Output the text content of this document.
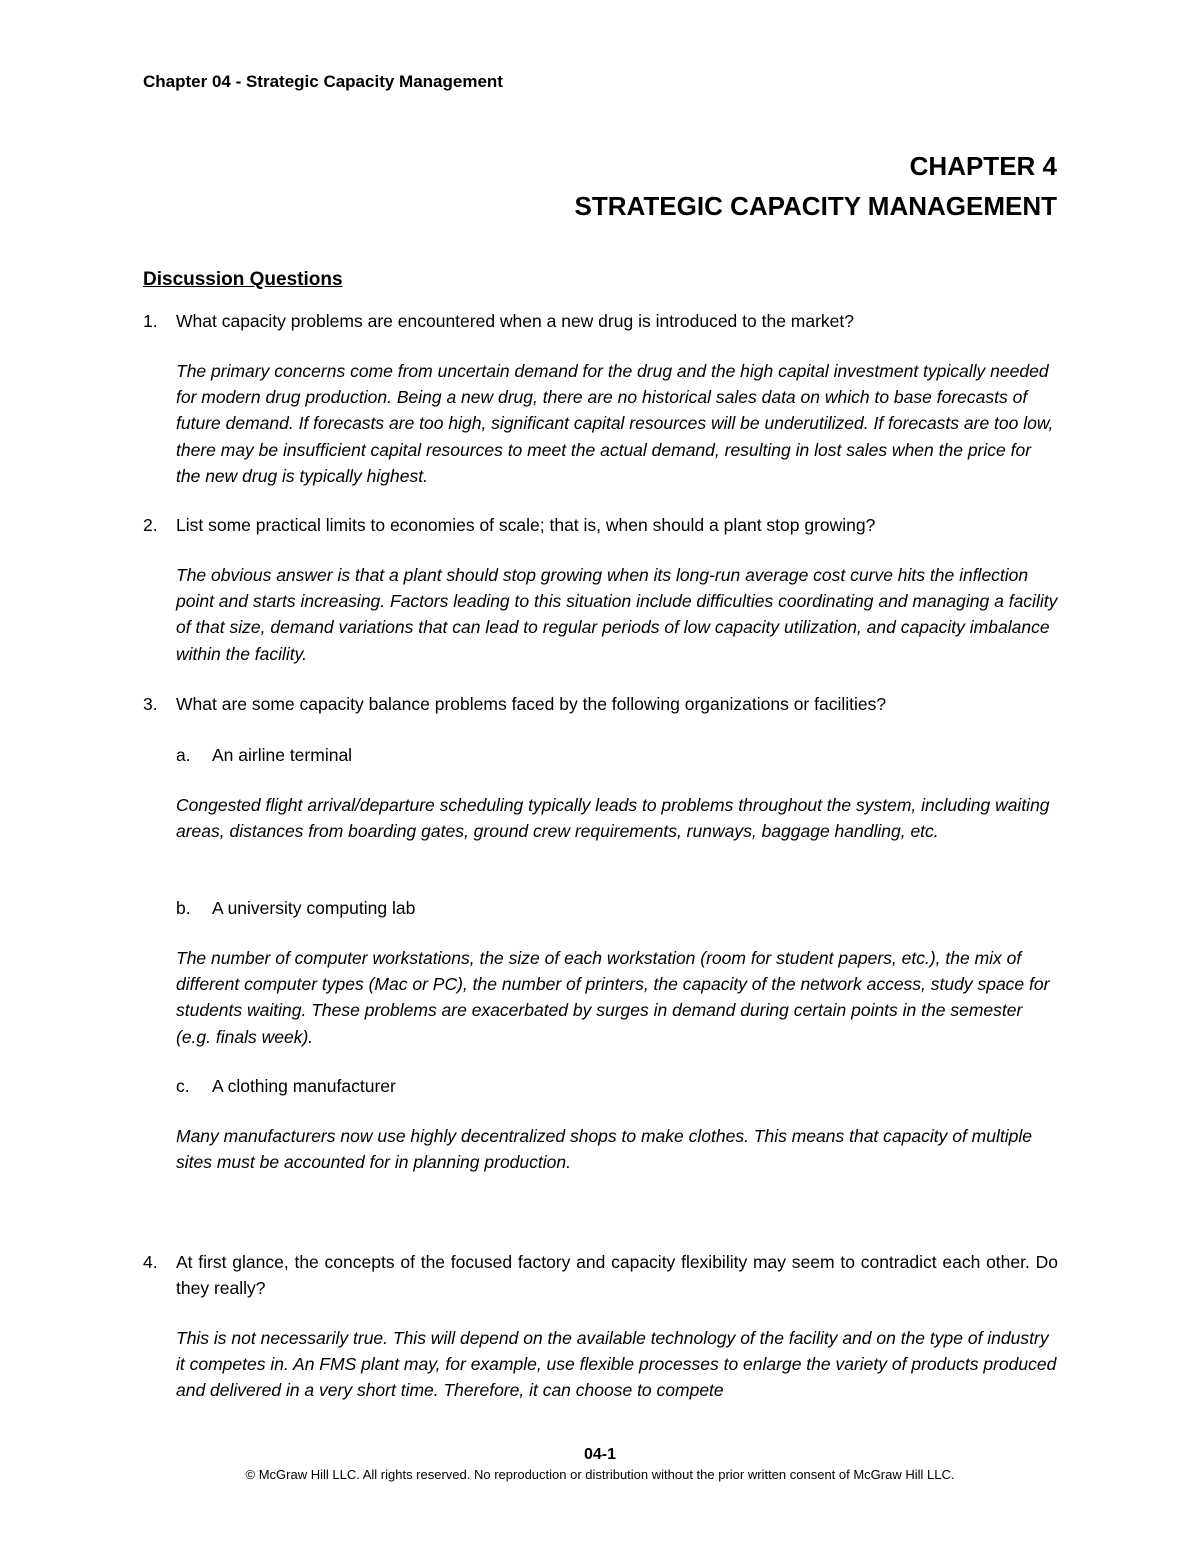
Chapter 04 - Strategic Capacity Management
CHAPTER 4
STRATEGIC CAPACITY MANAGEMENT
Discussion Questions
1.	What capacity problems are encountered when a new drug is introduced to the market?
The primary concerns come from uncertain demand for the drug and the high capital investment typically needed for modern drug production. Being a new drug, there are no historical sales data on which to base forecasts of future demand. If forecasts are too high, significant capital resources will be underutilized. If forecasts are too low, there may be insufficient capital resources to meet the actual demand, resulting in lost sales when the price for the new drug is typically highest.
2.	List some practical limits to economies of scale; that is, when should a plant stop growing?
The obvious answer is that a plant should stop growing when its long-run average cost curve hits the inflection point and starts increasing. Factors leading to this situation include difficulties coordinating and managing a facility of that size, demand variations that can lead to regular periods of low capacity utilization, and capacity imbalance within the facility.
3.	What are some capacity balance problems faced by the following organizations or facilities?
a. An airline terminal
Congested flight arrival/departure scheduling typically leads to problems throughout the system, including waiting areas, distances from boarding gates, ground crew requirements, runways, baggage handling, etc.
b. A university computing lab
The number of computer workstations, the size of each workstation (room for student papers, etc.), the mix of different computer types (Mac or PC), the number of printers, the capacity of the network access, study space for students waiting. These problems are exacerbated by surges in demand during certain points in the semester (e.g. finals week).
c. A clothing manufacturer
Many manufacturers now use highly decentralized shops to make clothes. This means that capacity of multiple sites must be accounted for in planning production.
4.	At first glance, the concepts of the focused factory and capacity flexibility may seem to contradict each other. Do they really?
This is not necessarily true. This will depend on the available technology of the facility and on the type of industry it competes in. An FMS plant may, for example, use flexible processes to enlarge the variety of products produced and delivered in a very short time. Therefore, it can choose to compete
04-1
© McGraw Hill LLC. All rights reserved. No reproduction or distribution without the prior written consent of McGraw Hill LLC.
